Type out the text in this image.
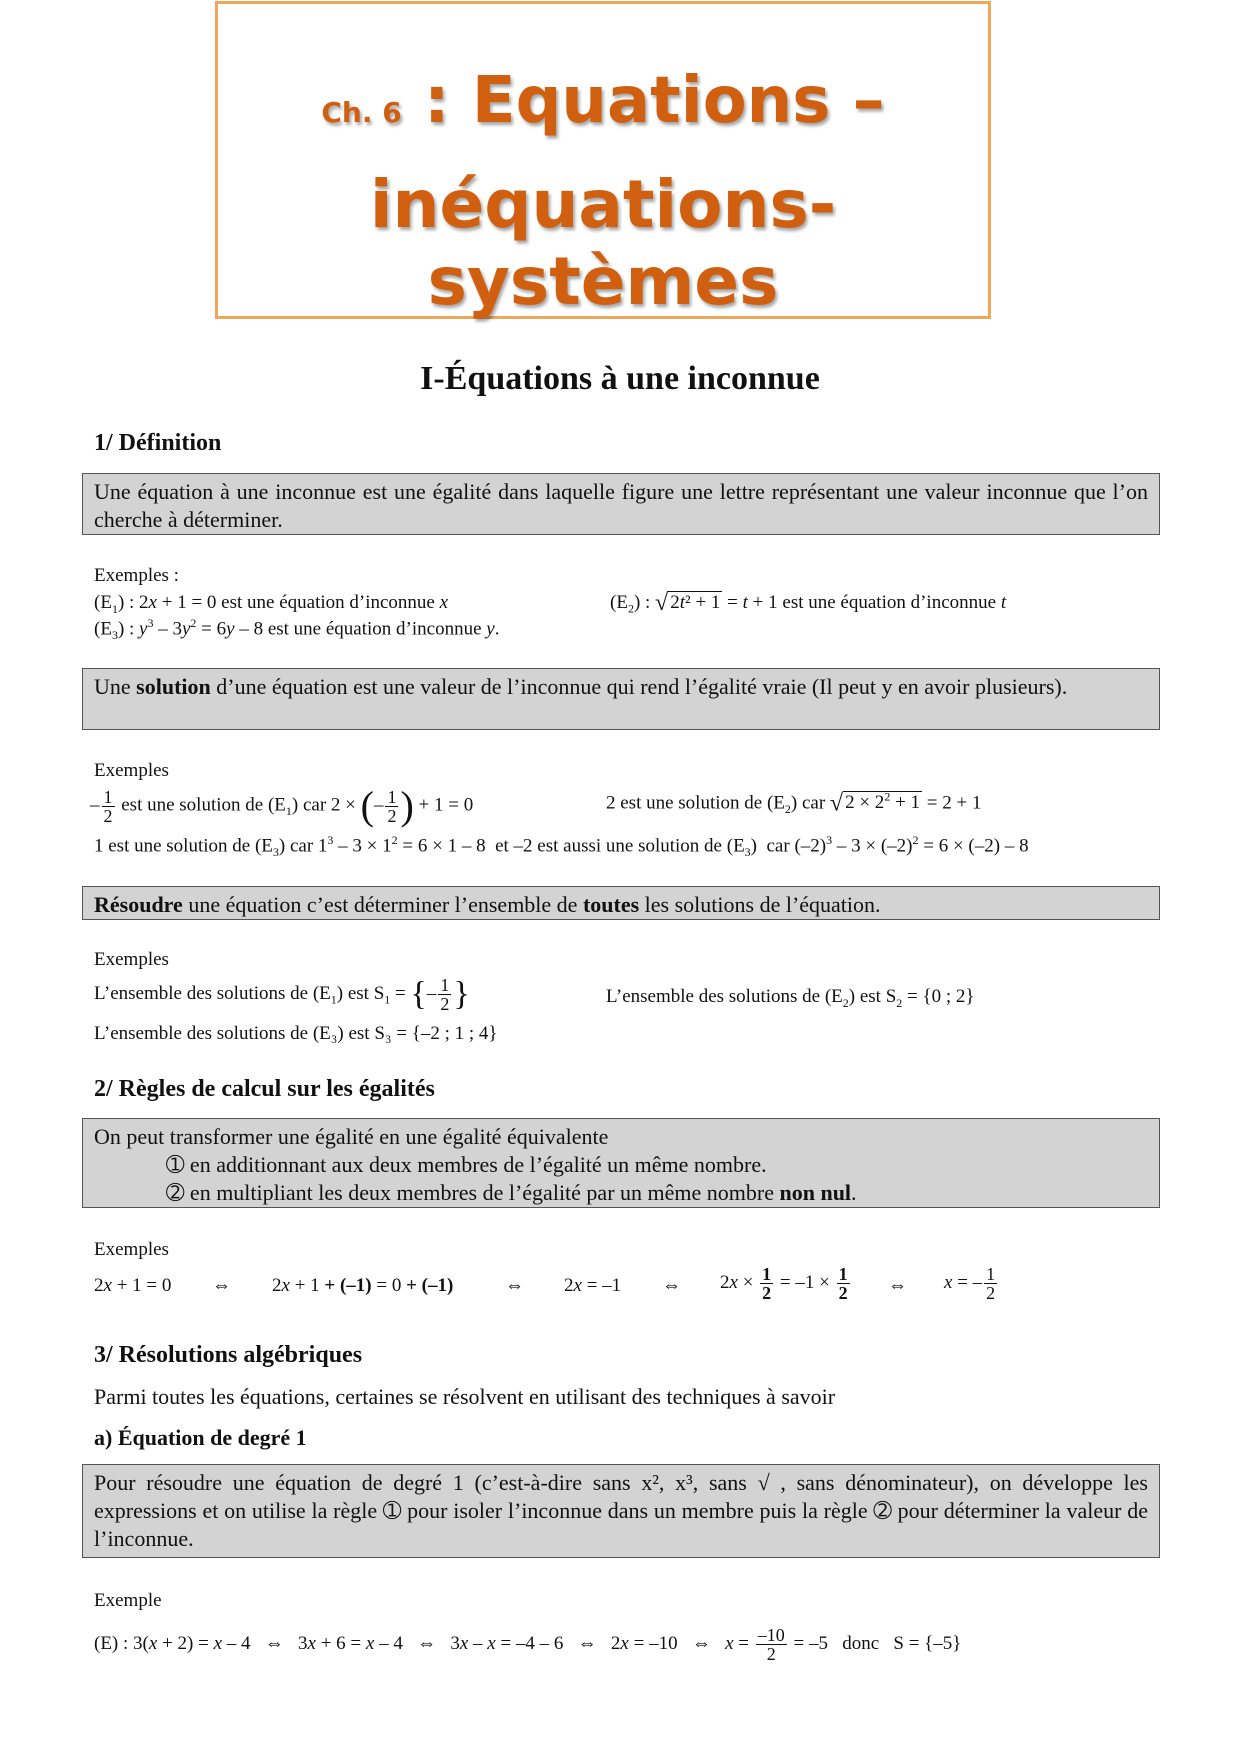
Ch. 6 : Equations –
inéquations-systèmes
I-Équations à une inconnue
1/ Définition
Une équation à une inconnue est une égalité dans laquelle figure une lettre représentant une valeur inconnue que l’on cherche à déterminer.
Exemples :
$(E_1)$ : 2x + 1 = 0 est une équation d’inconnue x	$(E_2)$ : √ 2t² + 1 = t + 1 est une équation d’inconnue t
$(E_3)$ : $y^3 - 3y^2 = 6y - 8$ est une équation d’inconnue y.
Une solution d’une équation est une valeur de l’inconnue qui rend l’égalité vraie (Il peut y en avoir plusieurs).
Exemples
– $\frac{1}{2}$ est une solution de $(E_1)$ car 2 × (– $\frac{1}{2}$ ) + 1 = 0	2 est une solution de $(E_2)$ car √ $2 \times 2^2 + 1 = 2 + 1$
1 est une solution de $(E_3)$ car $1^3 - 3 \times 1^2 = 6 \times 1 - 8$  et –2 est aussi une solution de $(E_3)$  car $(-2)^3 - 3 \times (-2)^2 = 6 \times (-2) - 8$
Résoudre une équation c’est déterminer l’ensemble de toutes les solutions de l’équation.
Exemples
L’ensemble des solutions de $(E_1)$ est $S_1$ = {– $\frac{1}{2}$ }	L’ensemble des solutions de $(E_2)$ est $S_2 = \{0$ ; 2}
L’ensemble des solutions de (E₃) est S₃ = {–2 ; 1 ; 4}
2/ Règles de calcul sur les égalités
On peut transformer une égalité en une égalité équivalente
➀ en additionnant aux deux membres de l’égalité un même nombre.
➁ en multipliant les deux membres de l’égalité par un même nombre non nul.
Exemples
2x + 1 = 0 ⇔ 2x + 1 + (–1) = 0 + (–1)	⇔ 2x = –1 ⇔ $2x \times \frac{1}{2} = -1 \times \frac{1}{2}$ ⇔ x = – $\frac{1}{2}$
3/ Résolutions algébriques
Parmi toutes les équations, certaines se résolvent en utilisant des techniques à savoir
a) Équation de degré 1
Pour résoudre une équation de degré 1 (c’est-à-dire sans x², x³, sans √ , sans dénominateur), on développe les expressions et on utilise la règle ➀ pour isoler l’inconnue dans un membre puis la règle ➁ pour déterminer la valeur de l’inconnue.
Exemple
(E) : 3(x + 2) = x – 4   ⇔   3x + 6 = x – 4   ⇔   3x – x = –4 – 6   ⇔   2x = –10   ⇔   $x = \frac{-10}{2} = -5$   donc   S = {–5}
